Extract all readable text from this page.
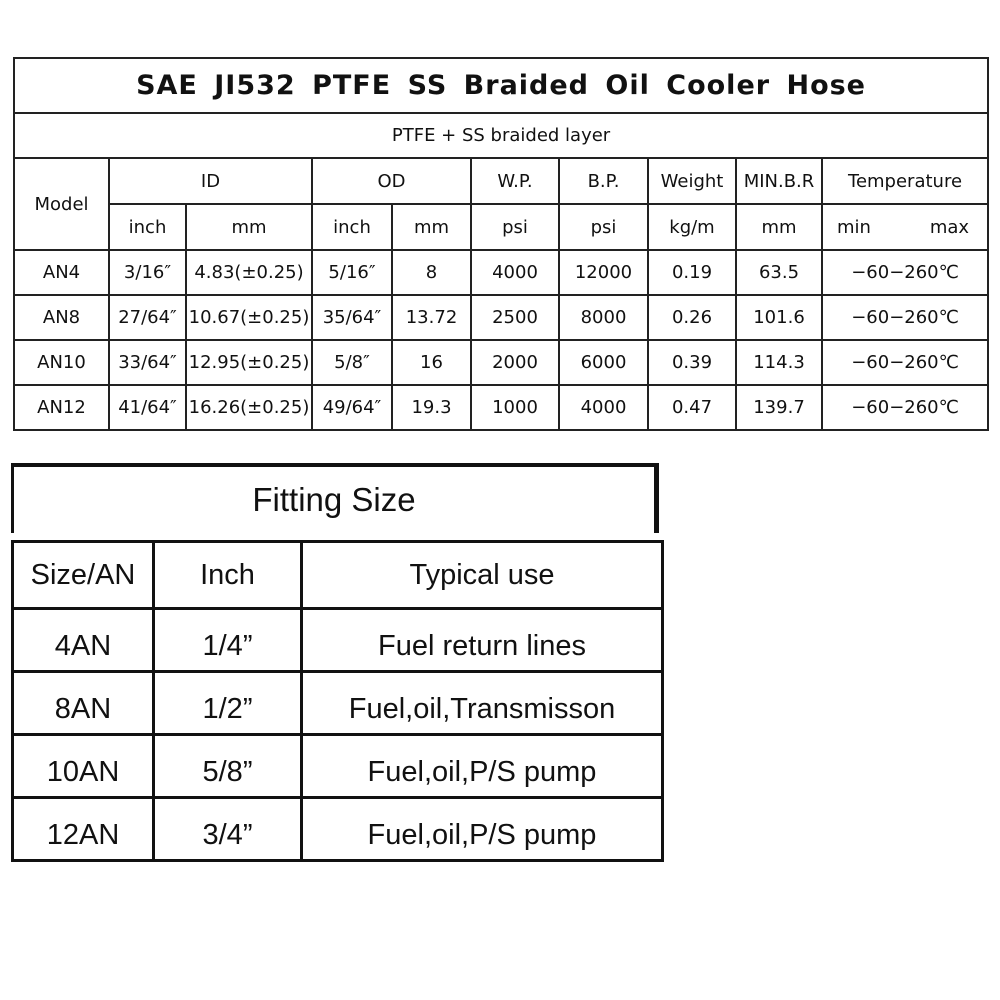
SAE JI532 PTFE SS Braided Oil Cooler Hose									
PTFE + SS braided layer									
Model	ID		OD		W.P.	B.P.	Weight	MIN.B.R	Temperature
	inch	mm	inch	mm	psi	psi	kg/m	mm	min max

AN4	3/16″	4.83(±0.25)	5/16″	8	4000	12000	0.19	63.5	−60−260℃
AN8	27/64″	10.67(±0.25)	35/64″	13.72	2500	8000	0.26	101.6	−60−260℃
AN10	33/64″	12.95(±0.25)	5/8″	16	2000	6000	0.39	114.3	−60−260℃
AN12	41/64″	16.26(±0.25)	49/64″	19.3	1000	4000	0.47	139.7	−60−260℃
Fitting Size
Size/AN	Inch	Typical use
4AN	1/4”	Fuel return lines
8AN	1/2”	Fuel,oil,Transmisson
10AN	5/8”	Fuel,oil,P/S pump
12AN	3/4”	Fuel,oil,P/S pump
